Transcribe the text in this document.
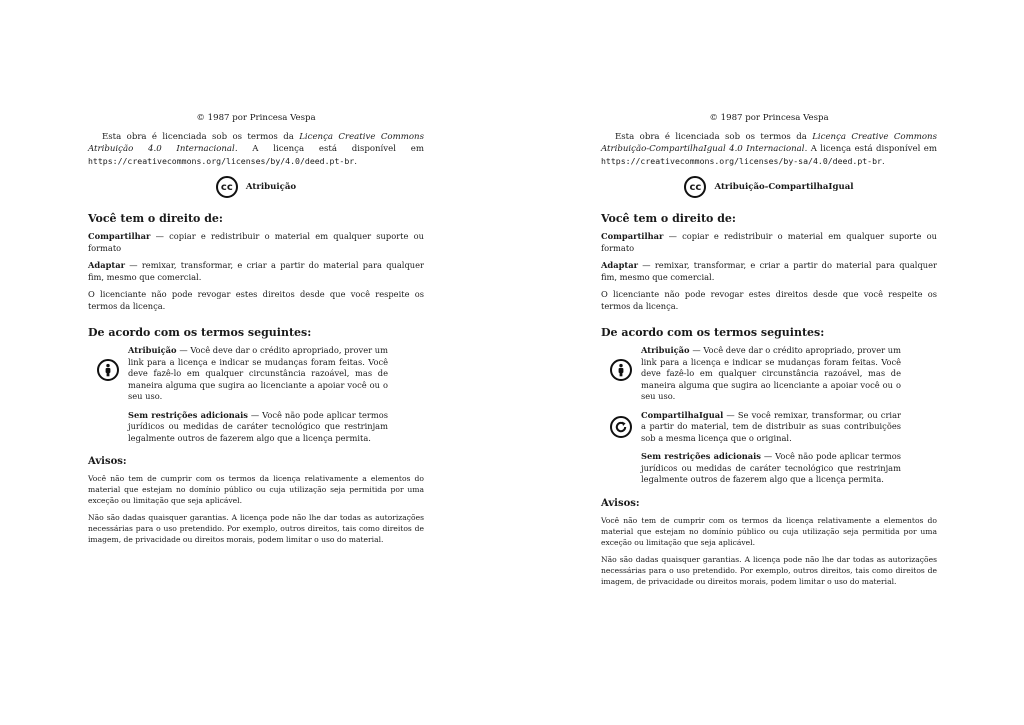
© 1987 por Princesa Vespa
Esta obra é licenciada sob os termos da Licença Creative Commons Atribuição 4.0 Internacional. A licença está disponível em https://creativecommons.org/licenses/by/4.0/deed.pt-br.
cc	Atribuição
Você tem o direito de:

Compartilhar — copiar e redistribuir o material em qualquer suporte ou formato

Adaptar — remixar, transformar, e criar a partir do material para qualquer fim, mesmo que comercial.

O licenciante não pode revogar estes direitos desde que você respeite os termos da licença.

De acordo com os termos seguintes:
Atribuição — Você deve dar o crédito apropriado, prover um link para a licença e indicar se mudanças foram feitas. Você deve fazê-lo em qualquer circunstância razoável, mas de maneira alguma que sugira ao licenciante a apoiar você ou o seu uso.
Sem restrições adicionais — Você não pode aplicar termos jurídicos ou medidas de caráter tecnológico que restrinjam legalmente outros de fazerem algo que a licença permita.
Avisos:

Você não tem de cumprir com os termos da licença relativamente a elementos do material que estejam no domínio público ou cuja utilização seja permitida por uma exceção ou limitação que seja aplicável.

Não são dadas quaisquer garantias. A licença pode não lhe dar todas as autorizações necessárias para o uso pretendido. Por exemplo, outros direitos, tais como direitos de imagem, de privacidade ou direitos morais, podem limitar o uso do material.

© 1987 por Princesa Vespa
Esta obra é licenciada sob os termos da Licença Creative Commons Atribuição-CompartilhaIgual 4.0 Internacional. A licença está disponível em https://creativecommons.org/licenses/by-sa/4.0/deed.pt-br.
cc	Atribuição-CompartilhaIgual
Você tem o direito de:

Compartilhar — copiar e redistribuir o material em qualquer suporte ou formato

Adaptar — remixar, transformar, e criar a partir do material para qualquer fim, mesmo que comercial.

O licenciante não pode revogar estes direitos desde que você respeite os termos da licença.

De acordo com os termos seguintes:
Atribuição — Você deve dar o crédito apropriado, prover um link para a licença e indicar se mudanças foram feitas. Você deve fazê-lo em qualquer circunstância razoável, mas de maneira alguma que sugira ao licenciante a apoiar você ou o seu uso.
CompartilhaIgual — Se você remixar, transformar, ou criar a partir do material, tem de distribuir as suas contribuições sob a mesma licença que o original.
Sem restrições adicionais — Você não pode aplicar termos jurídicos ou medidas de caráter tecnológico que restrinjam legalmente outros de fazerem algo que a licença permita.
Avisos:

Você não tem de cumprir com os termos da licença relativamente a elementos do material que estejam no domínio público ou cuja utilização seja permitida por uma exceção ou limitação que seja aplicável.

Não são dadas quaisquer garantias. A licença pode não lhe dar todas as autorizações necessárias para o uso pretendido. Por exemplo, outros direitos, tais como direitos de imagem, de privacidade ou direitos morais, podem limitar o uso do material.
